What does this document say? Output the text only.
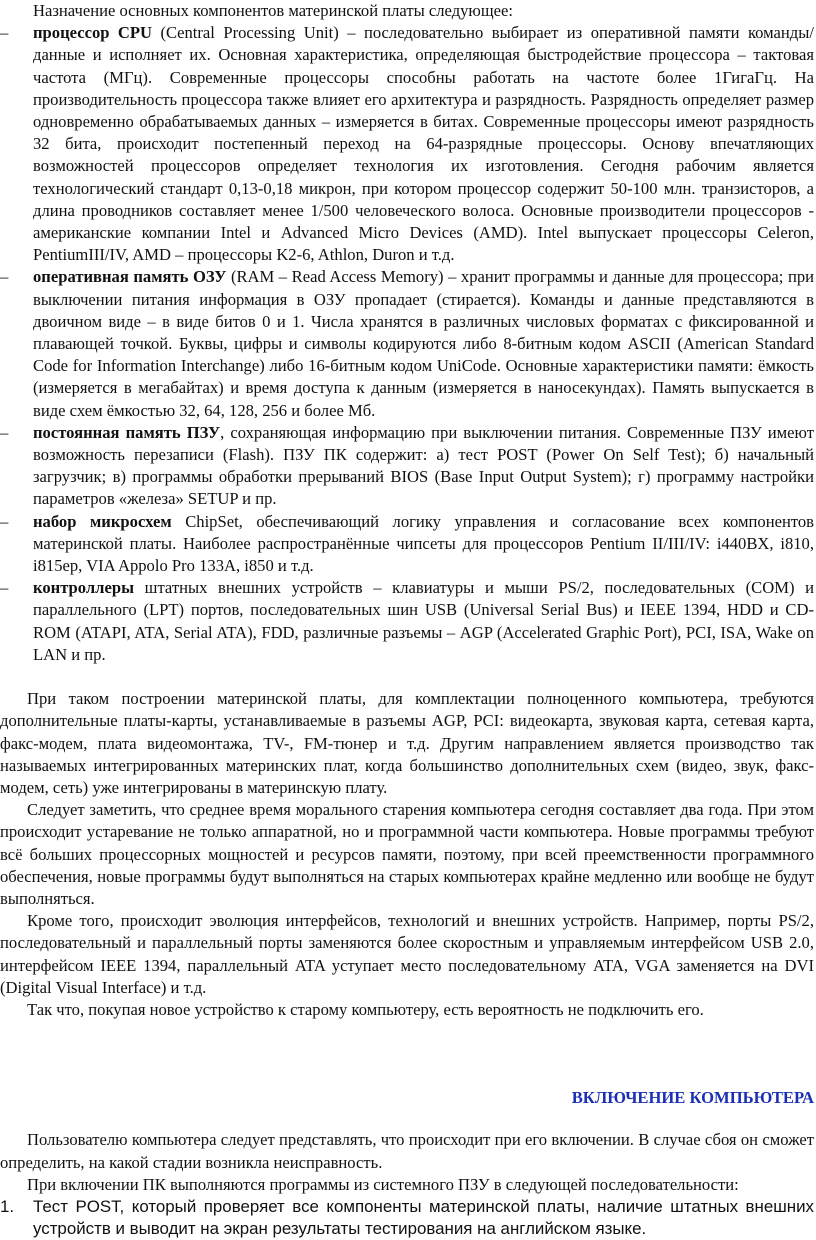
Назначение основных компонентов материнской платы следующее:

– процессор CPU (Central Processing Unit) – последовательно выбирает из оперативной памяти команды/данные и исполняет их. Основная характеристика, определяющая быстродействие процессора – тактовая частота (МГц). Современные процессоры способны работать на частоте более 1ГигаГц. На производительность процессора также влияет его архитектура и разрядность. Разрядность определяет размер одновременно обрабатываемых данных – измеряется в битах. Современные процессоры имеют разрядность 32 бита, происходит постепенный переход на 64-разрядные процессоры. Основу впечатляющих возможностей процессоров определяет технология их изготовления. Сегодня рабочим является технологический стандарт 0,13-0,18 микрон, при котором процессор содержит 50-100 млн. транзисторов, а длина проводников составляет менее 1/500 человеческого волоса. Основные производители процессоров - американские компании Intel и Advanced Micro Devices (AMD). Intel выпускает процессоры Celeron, PentiumIII/IV, AMD – процессоры K2-6, Athlon, Duron и т.д.
– оперативная память ОЗУ (RAM – Read Access Memory) – хранит программы и данные для процессора; при выключении питания информация в ОЗУ пропадает (стирается). Команды и данные представляются в двоичном виде – в виде битов 0 и 1. Числа хранятся в различных числовых форматах с фиксированной и плавающей точкой. Буквы, цифры и символы кодируются либо 8-битным кодом ASCII (American Standard Code for Information Interchange) либо 16-битным кодом UniCode. Основные характеристики памяти: ёмкость (измеряется в мегабайтах) и время доступа к данным (измеряется в наносекундах). Память выпускается в виде схем ёмкостью 32, 64, 128, 256 и более Мб.
– постоянная память ПЗУ, сохраняющая информацию при выключении питания. Современные ПЗУ имеют возможность перезаписи (Flash). ПЗУ ПК содержит: а) тест POST (Power On Self Test); б) начальный загрузчик; в) программы обработки прерываний BIOS (Base Input Output System); г) программу настройки параметров «железа» SETUP и пр.
– набор микросхем ChipSet, обеспечивающий логику управления и согласование всех компонентов материнской платы. Наиболее распространённые чипсеты для процессоров Pentium II/III/IV: i440BX, i810, i815ep, VIA Appolo Pro 133A, i850 и т.д.
– контроллеры штатных внешних устройств – клавиатуры и мыши PS/2, последовательных (COM) и параллельного (LPT) портов, последовательных шин USB (Universal Serial Bus) и IEEE 1394, HDD и CD-ROM (ATAPI, ATA, Serial ATA), FDD, различные разъемы – AGP (Accelerated Graphic Port), PCI, ISA, Wake on LAN и пр.

При таком построении материнской платы, для комплектации полноценного компьютера, требуются дополнительные платы-карты, устанавливаемые в разъемы AGP, PCI: видеокарта, звуковая карта, сетевая карта, факс-модем, плата видеомонтажа, TV-, FM-тюнер и т.д. Другим направлением является производство так называемых интегрированных материнских плат, когда большинство дополнительных схем (видео, звук, факс-модем, сеть) уже интегрированы в материнскую плату.

Следует заметить, что среднее время морального старения компьютера сегодня составляет два года. При этом происходит устаревание не только аппаратной, но и программной части компьютера. Новые программы требуют всё больших процессорных мощностей и ресурсов памяти, поэтому, при всей преемственности программного обеспечения, новые программы будут выполняться на старых компьютерах крайне медленно или вообще не будут выполняться.

Кроме того, происходит эволюция интерфейсов, технологий и внешних устройств. Например, порты PS/2, последовательный и параллельный порты заменяются более скоростным и управляемым интерфейсом USB 2.0, интерфейсом IEEE 1394, параллельный ATA уступает место последовательному ATA, VGA заменяется на DVI (Digital Visual Interface) и т.д.

Так что, покупая новое устройство к старому компьютеру, есть вероятность не подключить его.

ВКЛЮЧЕНИЕ КОМПЬЮТЕРА

Пользователю компьютера следует представлять, что происходит при его включении. В случае сбоя он сможет определить, на какой стадии возникла неисправность.

При включении ПК выполняются программы из системного ПЗУ в следующей последовательности:

1. Тест POST, который проверяет все компоненты материнской платы, наличие штатных внешних устройств и выводит на экран результаты тестирования на английском языке.
